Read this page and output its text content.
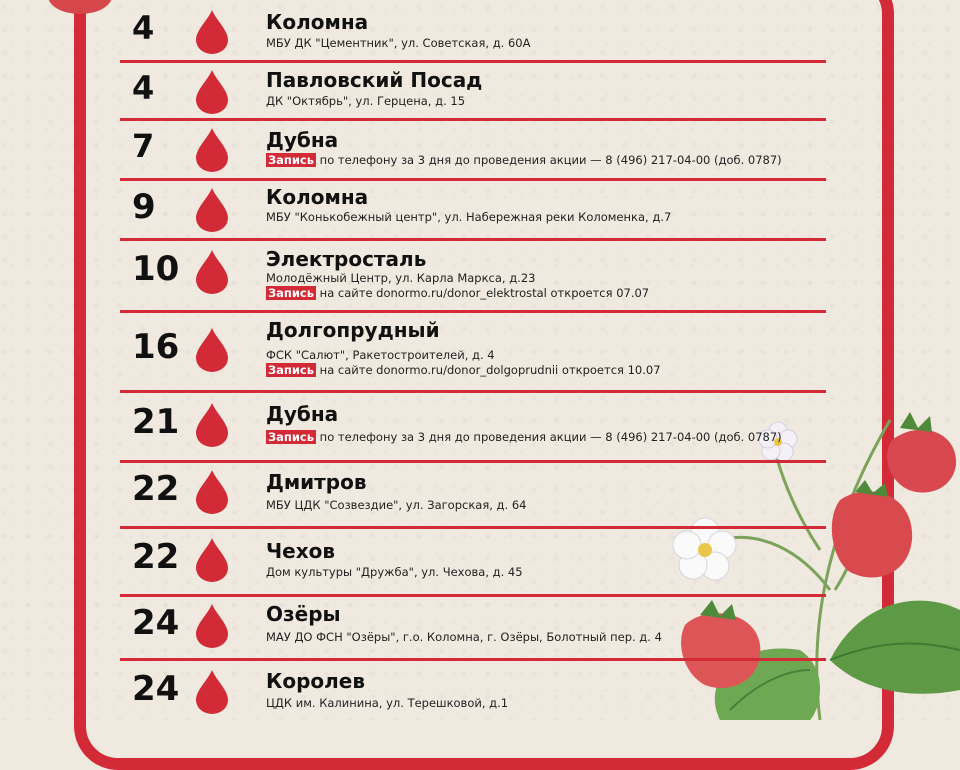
4	Коломна
МБУ ДК "Цементник", ул. Советская, д. 60А
4	Павловский Посад
ДК "Октябрь", ул. Герцена, д. 15
7	Дубна
Запись по телефону за 3 дня до проведения акции — 8 (496) 217-04-00 (доб. 0787)
9	Коломна
МБУ "Конькобежный центр", ул. Набережная реки Коломенка, д.7
10	Электросталь
Молодёжный Центр, ул. Карла Маркса, д.23
Запись на сайте donormo.ru/donor_elektrostal откроется 07.07
16	Долгопрудный
ФСК "Салют", Ракетостроителей, д. 4
Запись на сайте donormo.ru/donor_dolgoprudnii откроется 10.07
21	Дубна
Запись по телефону за 3 дня до проведения акции — 8 (496) 217-04-00 (доб. 0787)
22	Дмитров
МБУ ЦДК "Созвездие", ул. Загорская, д. 64
22	Чехов
Дом культуры "Дружба", ул. Чехова, д. 45
24	Озёры
МАУ ДО ФСН "Озёры", г.о. Коломна, г. Озёры, Болотный пер. д. 4
24	Королев
ЦДК им. Калинина, ул. Терешковой, д.1
